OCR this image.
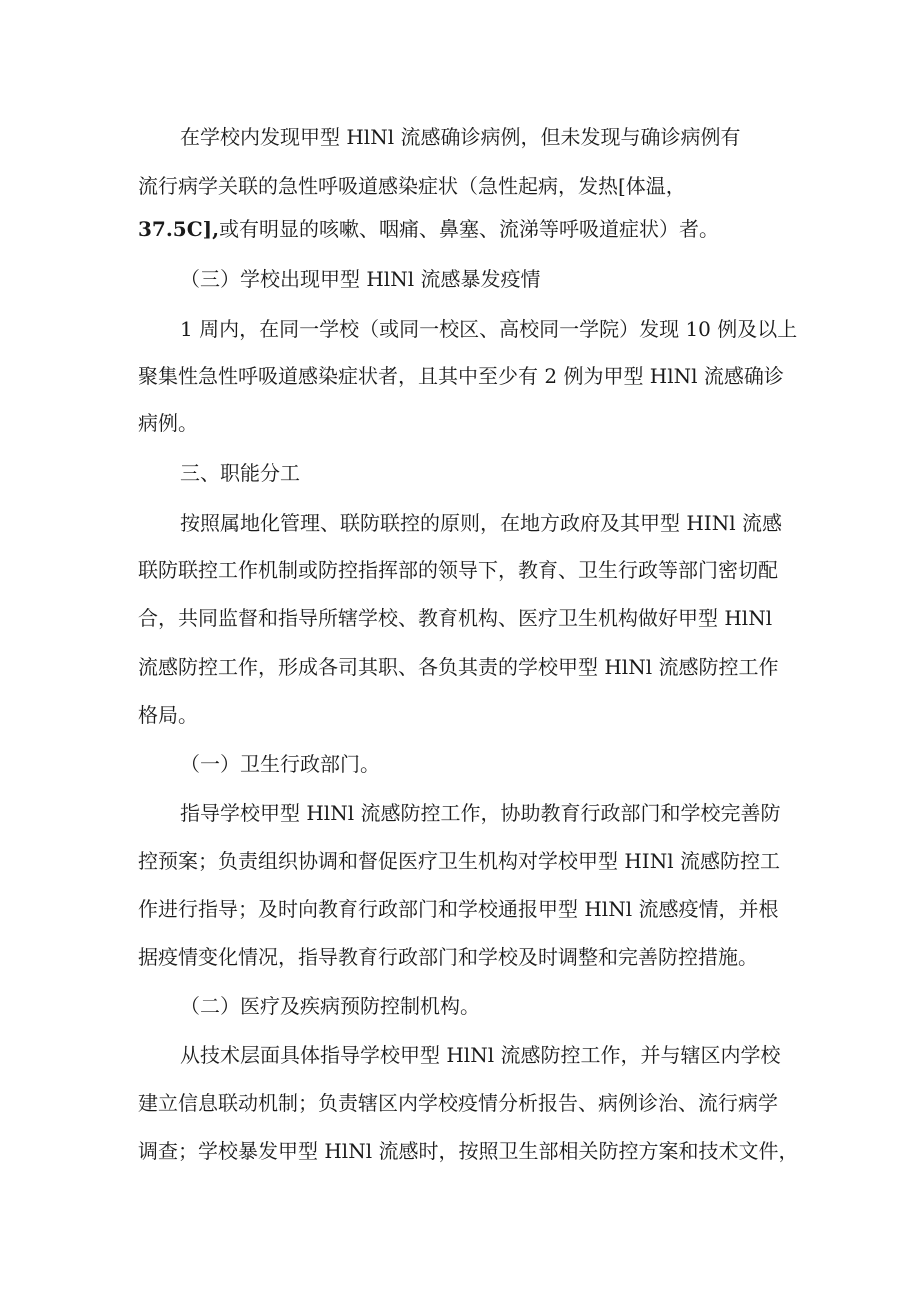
在学校内发现甲型 HlNl 流感确诊病例，但未发现与确诊病例有
流行病学关联的急性呼吸道感染症状（急性起病，发热[体温，
37.5C],或有明显的咳嗽、咽痛、鼻塞、流涕等呼吸道症状）者。
（三）学校出现甲型 HlNl 流感暴发疫情
1 周内，在同一学校（或同一校区、高校同一学院）发现 10 例及以上
聚集性急性呼吸道感染症状者，且其中至少有 2 例为甲型 HlNl 流感确诊
病例。
三、职能分工
按照属地化管理、联防联控的原则，在地方政府及其甲型 HINl 流感
联防联控工作机制或防控指挥部的领导下，教育、卫生行政等部门密切配
合，共同监督和指导所辖学校、教育机构、医疗卫生机构做好甲型 HlNl
流感防控工作，形成各司其职、各负其责的学校甲型 HlNl 流感防控工作
格局。
（一）卫生行政部门。
指导学校甲型 HlNl 流感防控工作，协助教育行政部门和学校完善防
控预案；负责组织协调和督促医疗卫生机构对学校甲型 HINl 流感防控工
作进行指导；及时向教育行政部门和学校通报甲型 HlNl 流感疫情，并根
据疫情变化情况，指导教育行政部门和学校及时调整和完善防控措施。
（二）医疗及疾病预防控制机构。
从技术层面具体指导学校甲型 HlNl 流感防控工作，并与辖区内学校
建立信息联动机制；负责辖区内学校疫情分析报告、病例诊治、流行病学
调查；学校暴发甲型 HlNl 流感时，按照卫生部相关防控方案和技术文件，
